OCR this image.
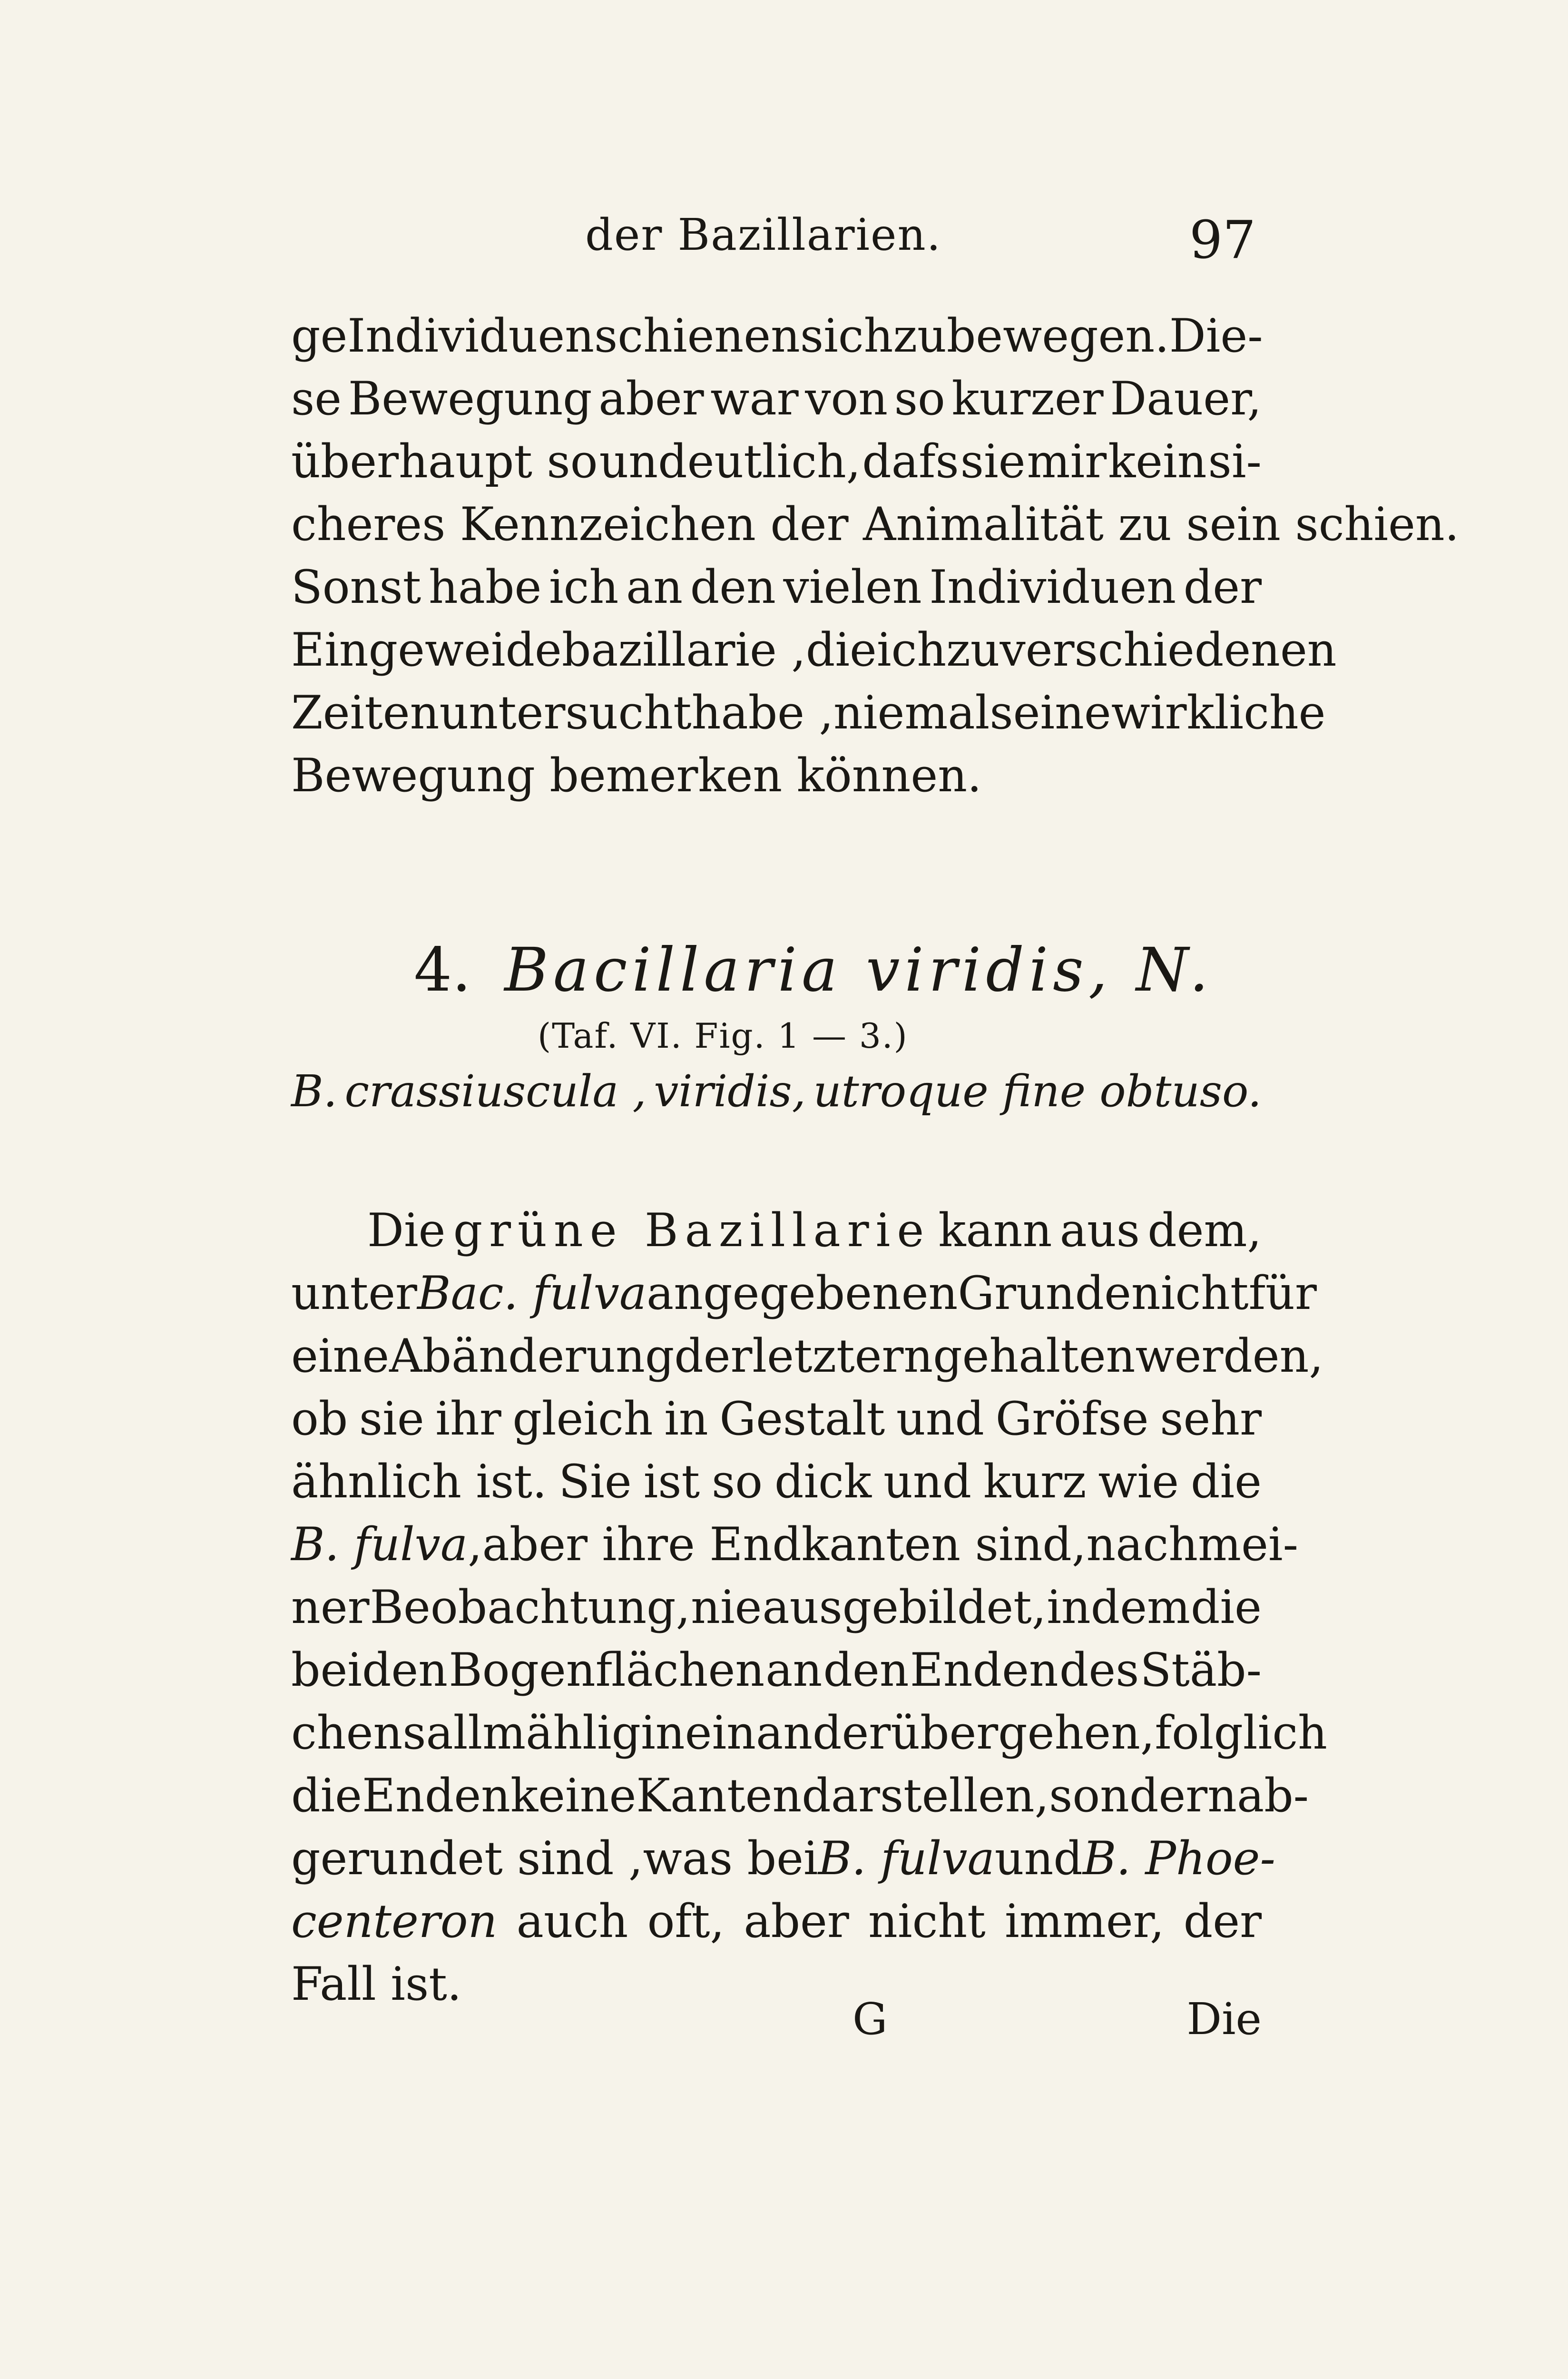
der Bazillarien.	97
ge Individuen schienen sich zu bewegen. Die-
se Bewegung aber war von so kurzer Dauer,
überhaupt so undeutlich, dafs sie mir kein si-
cheres Kennzeichen der Animalität zu sein schien.
Sonst habe ich an den vielen Individuen der
Eingeweidebazillarie , die ich zu verschiedenen
Zeiten untersucht habe , niemals eine wirkliche
Bewegung bemerken können.
4. Bacillaria viridis, N.
(Taf. VI. Fig. 1 — 3.)
B. crassiuscula , viridis, utroque fine obtuso.
Die grüne Bazillarie kann aus dem,
unter Bac. fulva angegebenen Grunde nicht für
eine Abänderung der letztern gehalten werden,
ob sie ihr gleich in Gestalt und Gröfse sehr
ähnlich ist. Sie ist so dick und kurz wie die
B. fulva , aber ihre Endkanten sind, nach mei-
ner Beobachtung, nie ausgebildet, indem die
beiden Bogenflächen an den Enden des Stäb-
chens allmählig in einander übergehen, folglich
die Enden keine Kanten darstellen, sondern ab-
gerundet sind , was bei B. fulva und B. Phoe-
centeron auch oft, aber nicht immer, der
Fall ist.
G	Die
